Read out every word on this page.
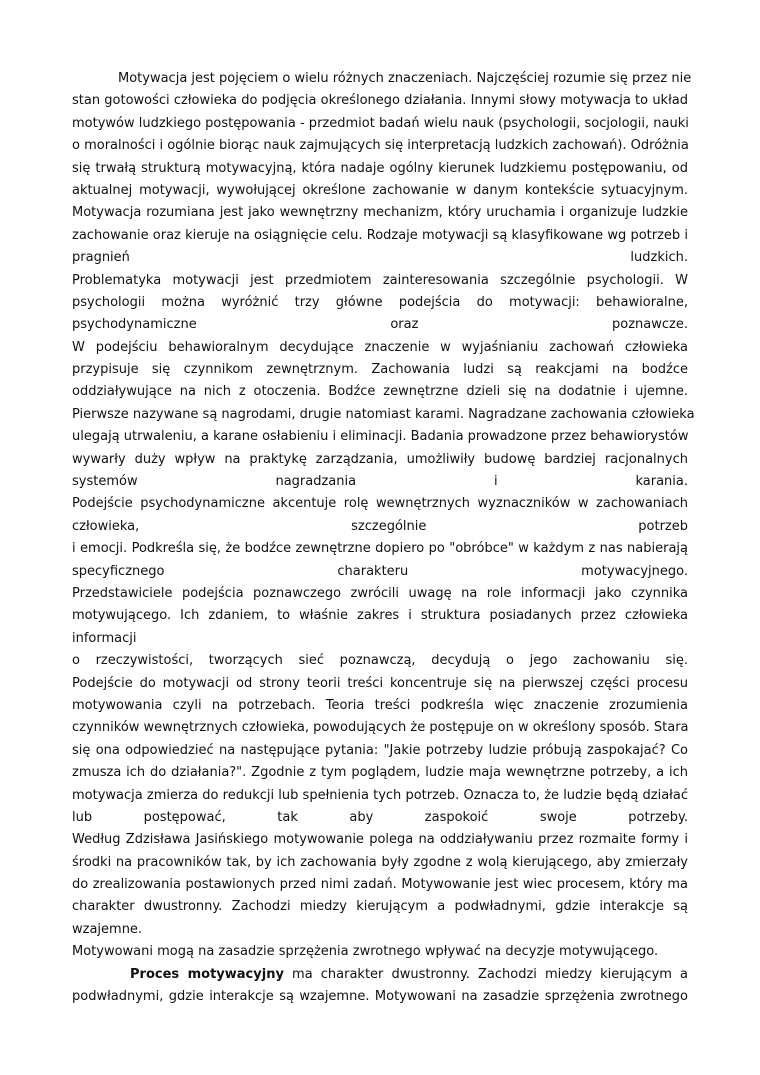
Motywacja jest pojęciem o wielu różnych znaczeniach. Najczęściej rozumie się przez nie
stan gotowości człowieka do podjęcia określonego działania. Innymi słowy motywacja to układ
motywów ludzkiego postępowania - przedmiot badań wielu nauk (psychologii, socjologii, nauki
o moralności i ogólnie biorąc nauk zajmujących się interpretacją ludzkich zachowań). Odróżnia
się trwałą strukturą motywacyjną, która nadaje ogólny kierunek ludzkiemu postępowaniu, od
aktualnej motywacji, wywołującej określone zachowanie w danym kontekście sytuacyjnym.
Motywacja rozumiana jest jako wewnętrzny mechanizm, który uruchamia i organizuje ludzkie
zachowanie oraz kieruje na osiągnięcie celu. Rodzaje motywacji są klasyfikowane wg potrzeb i
pragnień ludzkich.
Problematyka motywacji jest przedmiotem zainteresowania szczególnie psychologii. W
psychologii można wyróżnić trzy główne podejścia do motywacji: behawioralne,
psychodynamiczne oraz poznawcze.
W podejściu behawioralnym decydujące znaczenie w wyjaśnianiu zachowań człowieka
przypisuje się czynnikom zewnętrznym. Zachowania ludzi są reakcjami na bodźce
oddziaływujące na nich z otoczenia. Bodźce zewnętrzne dzieli się na dodatnie i ujemne.
Pierwsze nazywane są nagrodami, drugie natomiast karami. Nagradzane zachowania człowieka
ulegają utrwaleniu, a karane osłabieniu i eliminacji. Badania prowadzone przez behawiorystów
wywarły duży wpływ na praktykę zarządzania, umożliwiły budowę bardziej racjonalnych
systemów nagradzania i karania.
Podejście psychodynamiczne akcentuje rolę wewnętrznych wyznaczników w zachowaniach
człowieka, szczególnie potrzeb
i emocji. Podkreśla się, że bodźce zewnętrzne dopiero po "obróbce" w każdym z nas nabierają
specyficznego charakteru motywacyjnego.
Przedstawiciele podejścia poznawczego zwrócili uwagę na role informacji jako czynnika
motywującego. Ich zdaniem, to właśnie zakres i struktura posiadanych przez człowieka
informacji
o rzeczywistości, tworzących sieć poznawczą, decydują o jego zachowaniu się.
Podejście do motywacji od strony teorii treści koncentruje się na pierwszej części procesu
motywowania czyli na potrzebach. Teoria treści podkreśla więc znaczenie zrozumienia
czynników wewnętrznych człowieka, powodujących że postępuje on w określony sposób. Stara
się ona odpowiedzieć na następujące pytania: "Jakie potrzeby ludzie próbują zaspokajać? Co
zmusza ich do działania?". Zgodnie z tym poglądem, ludzie maja wewnętrzne potrzeby, a ich
motywacja zmierza do redukcji lub spełnienia tych potrzeb. Oznacza to, że ludzie będą działać
lub postępować, tak aby zaspokoić swoje potrzeby.
Według Zdzisława Jasińskiego motywowanie polega na oddziaływaniu przez rozmaite formy i
środki na pracowników tak, by ich zachowania były zgodne z wolą kierującego, aby zmierzały
do zrealizowania postawionych przed nimi zadań. Motywowanie jest wiec procesem, który ma
charakter dwustronny. Zachodzi miedzy kierującym a podwładnymi, gdzie interakcje są
wzajemne.
Motywowani mogą na zasadzie sprzężenia zwrotnego wpływać na decyzje motywującego.
Proces motywacyjny ma charakter dwustronny. Zachodzi miedzy kierującym a
podwładnymi, gdzie interakcje są wzajemne. Motywowani na zasadzie sprzężenia zwrotnego
